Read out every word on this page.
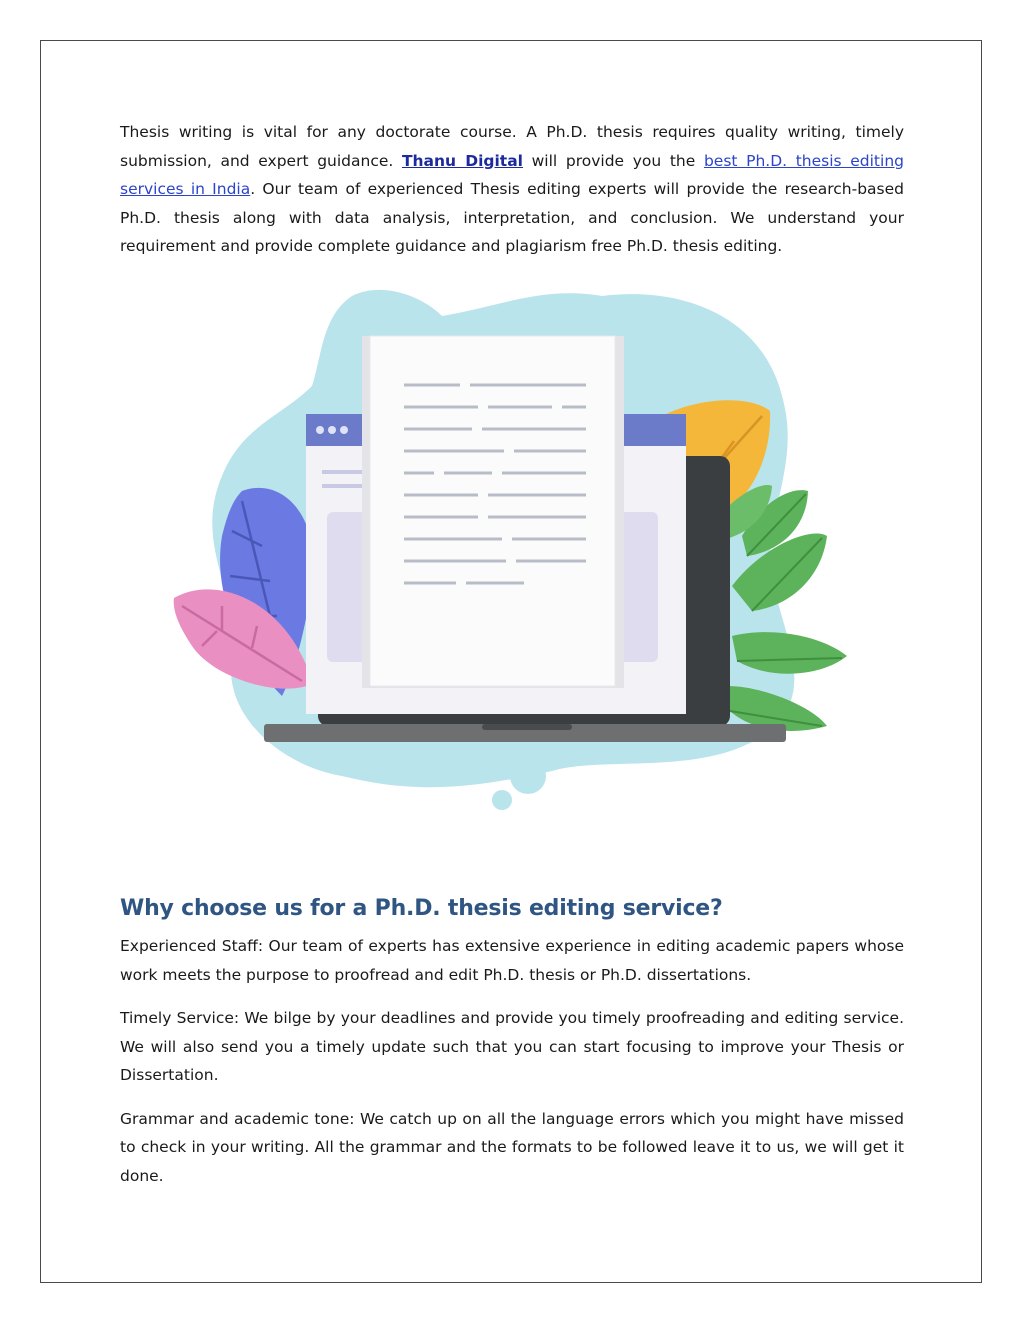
Thesis writing is vital for any doctorate course. A Ph.D. thesis requires quality writing, timely submission, and expert guidance. Thanu Digital will provide you the best Ph.D. thesis editing services in India. Our team of experienced Thesis editing experts will provide the research-based Ph.D. thesis along with data analysis, interpretation, and conclusion. We understand your requirement and provide complete guidance and plagiarism free Ph.D. thesis editing.

Why choose us for a Ph.D. thesis editing service?

Experienced Staff: Our team of experts has extensive experience in editing academic papers whose work meets the purpose to proofread and edit Ph.D. thesis or Ph.D. dissertations.

Timely Service: We bilge by your deadlines and provide you timely proofreading and editing service. We will also send you a timely update such that you can start focusing to improve your Thesis or Dissertation.

Grammar and academic tone: We catch up on all the language errors which you might have missed to check in your writing. All the grammar and the formats to be followed leave it to us, we will get it done.
